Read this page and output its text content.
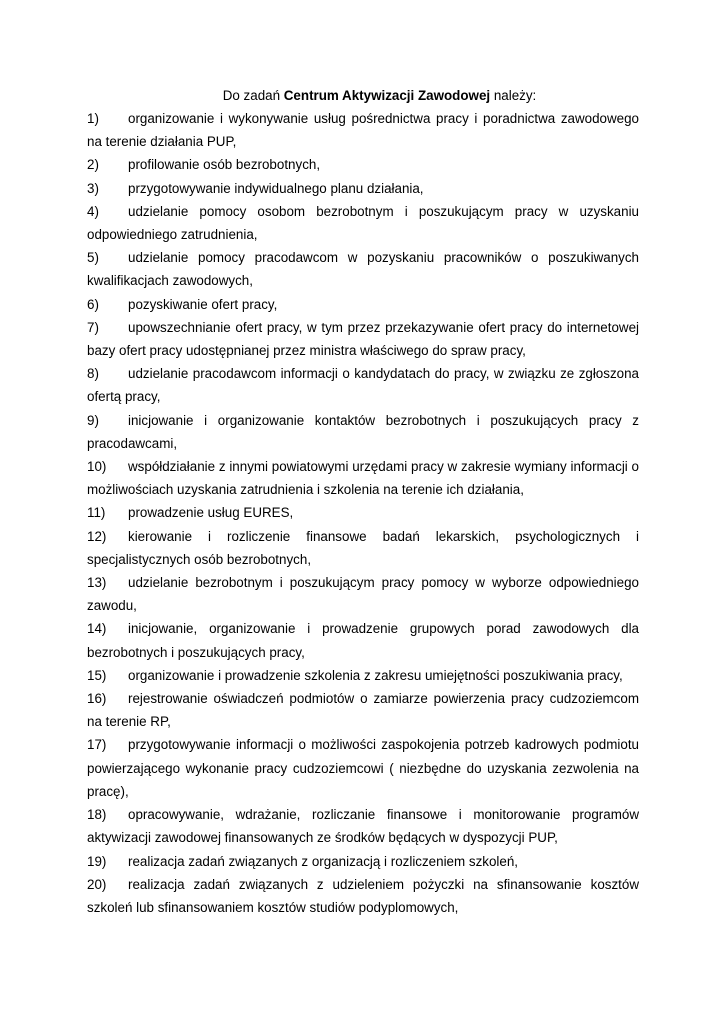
Do zadań Centrum Aktywizacji Zawodowej należy:

1) organizowanie i wykonywanie usług pośrednictwa pracy i poradnictwa zawodowego na terenie działania PUP,
2) profilowanie osób bezrobotnych,
3) przygotowywanie indywidualnego planu działania,
4) udzielanie pomocy osobom bezrobotnym i poszukującym pracy w uzyskaniu odpowiedniego zatrudnienia,
5) udzielanie pomocy pracodawcom w pozyskaniu pracowników o poszukiwanych kwalifikacjach zawodowych,
6) pozyskiwanie ofert pracy,
7) upowszechnianie ofert pracy, w tym przez przekazywanie ofert pracy do internetowej bazy ofert pracy udostępnianej przez ministra właściwego do spraw pracy,
8) udzielanie pracodawcom informacji o kandydatach do pracy, w związku ze zgłoszona ofertą pracy,
9) inicjowanie i organizowanie kontaktów bezrobotnych i poszukujących pracy z pracodawcami,
10) współdziałanie z innymi powiatowymi urzędami pracy w zakresie wymiany informacji o możliwościach uzyskania zatrudnienia i szkolenia na terenie ich działania,
11) prowadzenie usług EURES,
12) kierowanie i rozliczenie finansowe badań lekarskich, psychologicznych i specjalistycznych osób bezrobotnych,
13) udzielanie bezrobotnym i poszukującym pracy pomocy w wyborze odpowiedniego zawodu,
14) inicjowanie, organizowanie i prowadzenie grupowych porad zawodowych dla bezrobotnych i poszukujących pracy,
15) organizowanie i prowadzenie szkolenia z zakresu umiejętności poszukiwania pracy,
16) rejestrowanie oświadczeń podmiotów o zamiarze powierzenia pracy cudzoziemcom na terenie RP,
17) przygotowywanie informacji o możliwości zaspokojenia potrzeb kadrowych podmiotu powierzającego wykonanie pracy cudzoziemcowi ( niezbędne do uzyskania zezwolenia na pracę),
18) opracowywanie, wdrażanie, rozliczanie finansowe i monitorowanie programów aktywizacji zawodowej finansowanych ze środków będących w dyspozycji PUP,
19) realizacja zadań związanych z organizacją i rozliczeniem szkoleń,
20) realizacja zadań związanych z udzieleniem pożyczki na sfinansowanie kosztów szkoleń lub sfinansowaniem kosztów studiów podyplomowych,
